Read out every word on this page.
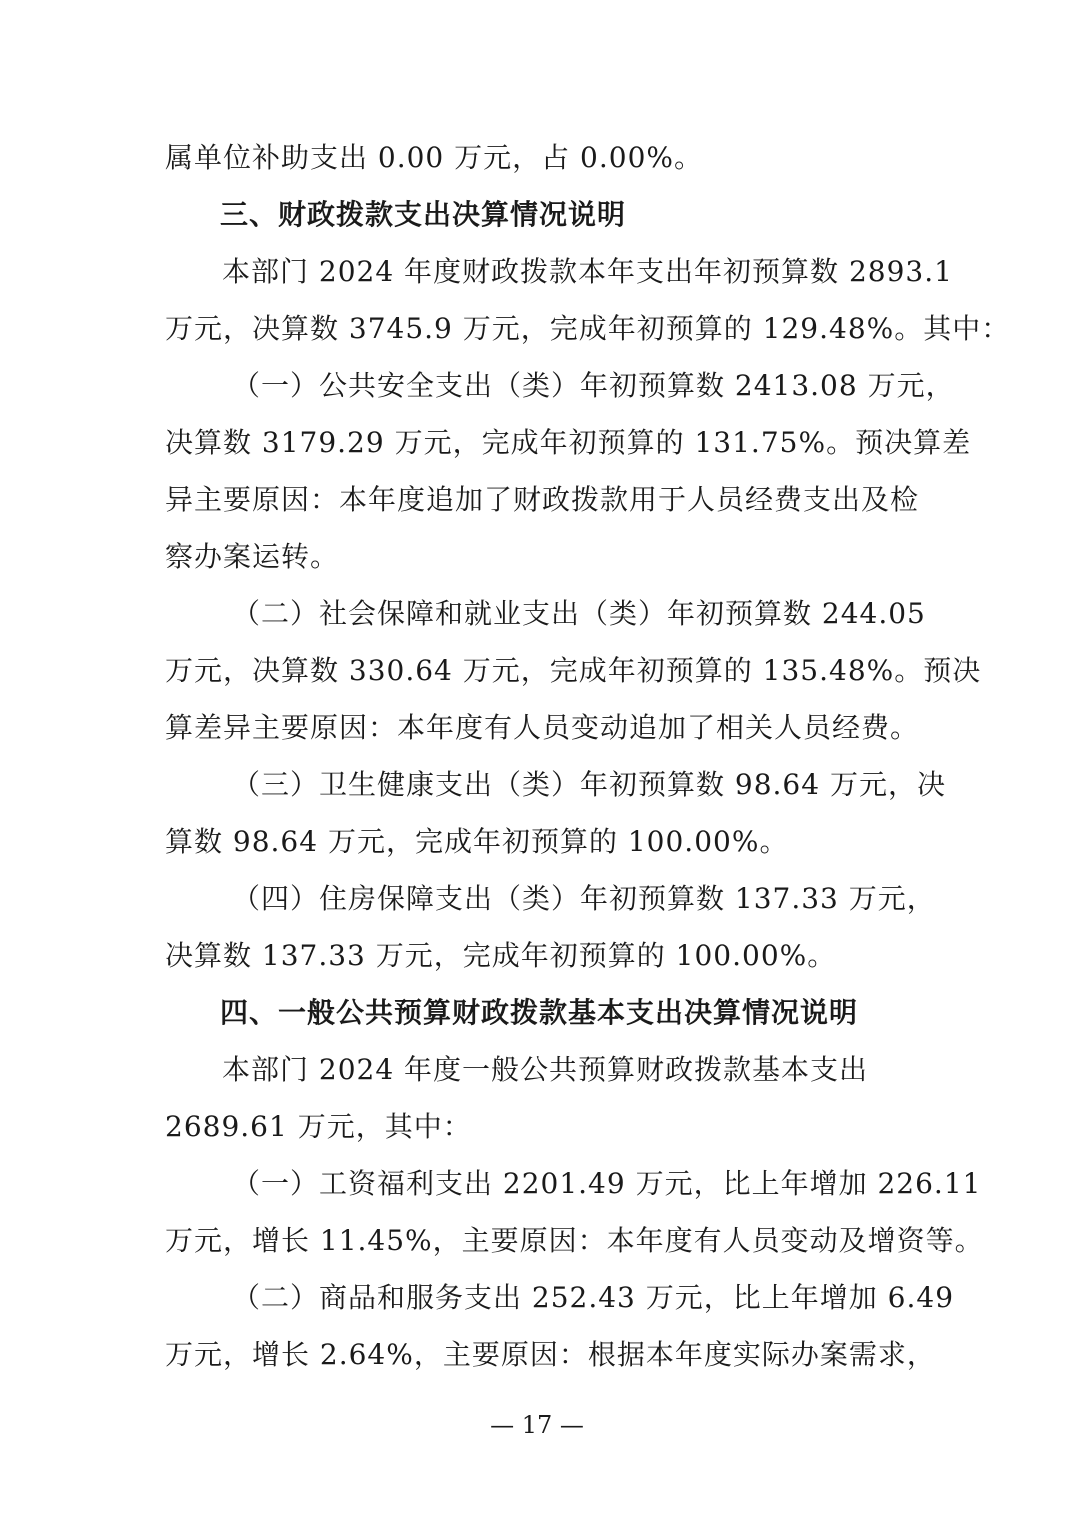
属单位补助支出 0.00 万元，占 0.00%。
三、财政拨款支出决算情况说明
本部门 2024 年度财政拨款本年支出年初预算数 2893.1
万元，决算数 3745.9 万元，完成年初预算的 129.48%。其中：
（一）公共安全支出（类）年初预算数 2413.08 万元，
决算数 3179.29 万元，完成年初预算的 131.75%。预决算差
异主要原因：本年度追加了财政拨款用于人员经费支出及检
察办案运转。
（二）社会保障和就业支出（类）年初预算数 244.05
万元，决算数 330.64 万元，完成年初预算的 135.48%。预决
算差异主要原因：本年度有人员变动追加了相关人员经费。
（三）卫生健康支出（类）年初预算数 98.64 万元，决
算数 98.64 万元，完成年初预算的 100.00%。
（四）住房保障支出（类）年初预算数 137.33 万元，
决算数 137.33 万元，完成年初预算的 100.00%。
四、一般公共预算财政拨款基本支出决算情况说明
本部门 2024 年度一般公共预算财政拨款基本支出
2689.61 万元，其中：
（一）工资福利支出 2201.49 万元，比上年增加 226.11
万元，增长 11.45%，主要原因：本年度有人员变动及增资等。
（二）商品和服务支出 252.43 万元，比上年增加 6.49
万元，增长 2.64%，主要原因：根据本年度实际办案需求，
— 17 —
